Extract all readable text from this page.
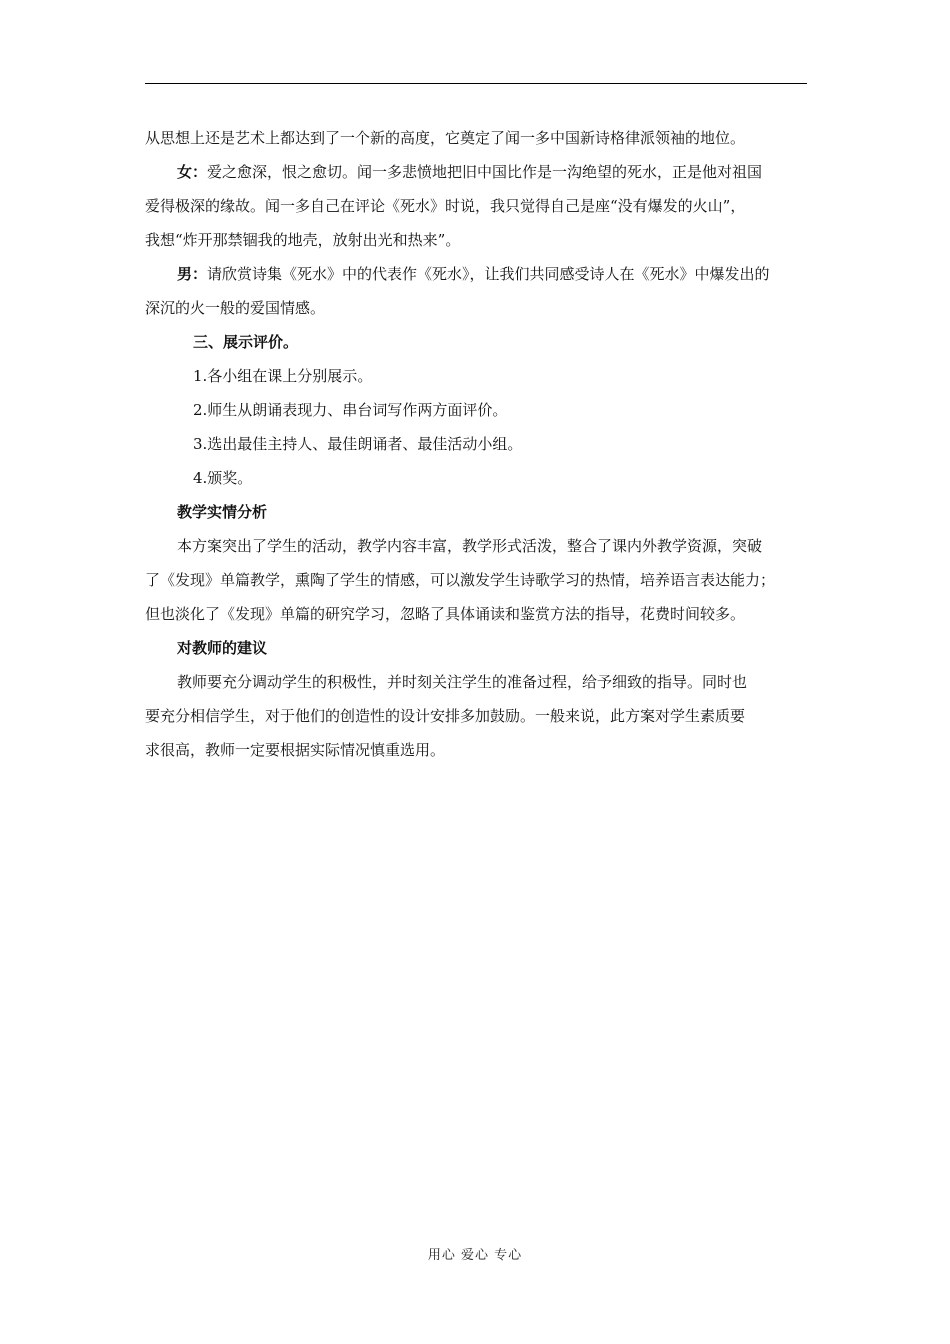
从思想上还是艺术上都达到了一个新的高度，它奠定了闻一多中国新诗格律派领袖的地位。

女：爱之愈深，恨之愈切。闻一多悲愤地把旧中国比作是一沟绝望的死水，正是他对祖国

爱得极深的缘故。闻一多自己在评论《死水》时说，我只觉得自己是座“没有爆发的火山”，

我想“炸开那禁锢我的地壳，放射出光和热来”。

男：请欣赏诗集《死水》中的代表作《死水》，让我们共同感受诗人在《死水》中爆发出的

深沉的火一般的爱国情感。

三、展示评价。

1.各小组在课上分别展示。

2.师生从朗诵表现力、串台词写作两方面评价。

3.选出最佳主持人、最佳朗诵者、最佳活动小组。

4.颁奖。

教学实情分析

本方案突出了学生的活动，教学内容丰富，教学形式活泼，整合了课内外教学资源，突破

了《发现》单篇教学，熏陶了学生的情感，可以激发学生诗歌学习的热情，培养语言表达能力；

但也淡化了《发现》单篇的研究学习，忽略了具体诵读和鉴赏方法的指导，花费时间较多。

对教师的建议

教师要充分调动学生的积极性，并时刻关注学生的准备过程，给予细致的指导。同时也

要充分相信学生，对于他们的创造性的设计安排多加鼓励。一般来说，此方案对学生素质要

求很高，教师一定要根据实际情况慎重选用。

用心 爱心 专心
